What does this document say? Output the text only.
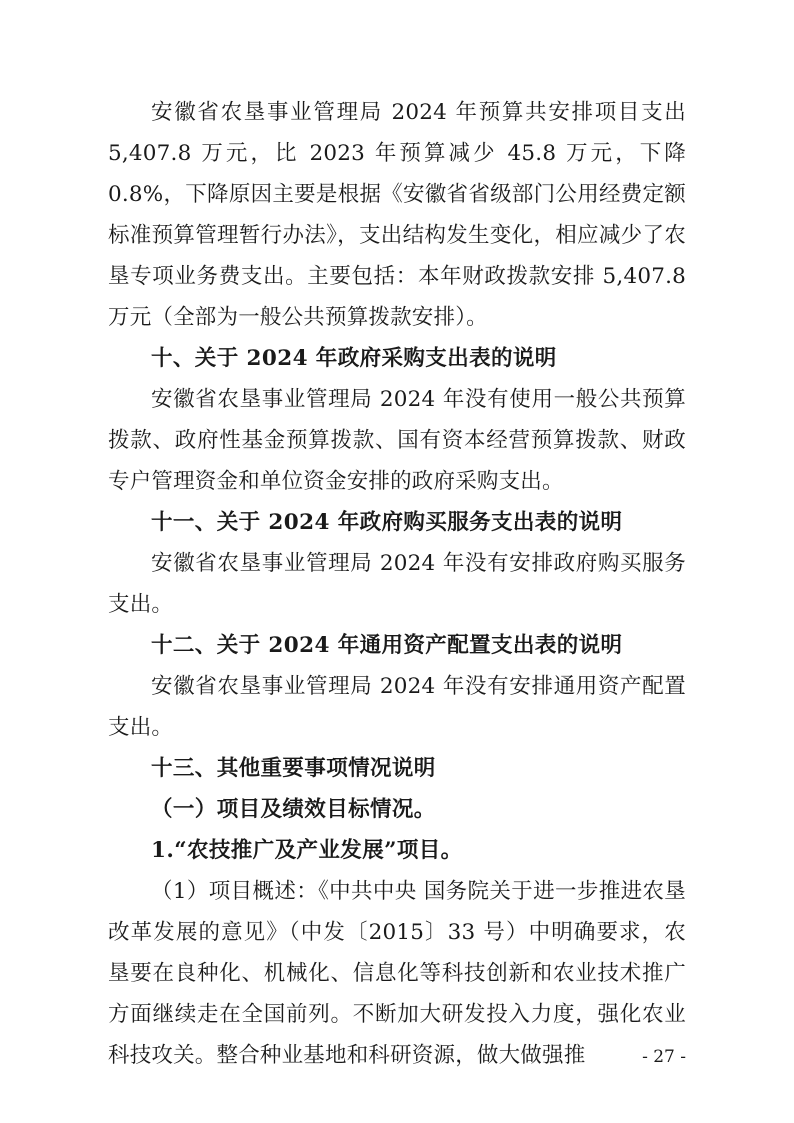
安徽省农垦事业管理局 2024 年预算共安排项目支出 5,407.8 万元，比 2023 年预算减少 45.8 万元，下降 0.8%，下降原因主要是根据《安徽省省级部门公用经费定额标准预算管理暂行办法》，支出结构发生变化，相应减少了农垦专项业务费支出。主要包括：本年财政拨款安排 5,407.8 万元（全部为一般公共预算拨款安排）。

十、关于 2024 年政府采购支出表的说明

安徽省农垦事业管理局 2024 年没有使用一般公共预算拨款、政府性基金预算拨款、国有资本经营预算拨款、财政专户管理资金和单位资金安排的政府采购支出。

十一、关于 2024 年政府购买服务支出表的说明

安徽省农垦事业管理局 2024 年没有安排政府购买服务支出。

十二、关于 2024 年通用资产配置支出表的说明

安徽省农垦事业管理局 2024 年没有安排通用资产配置支出。

十三、其他重要事项情况说明

（一）项目及绩效目标情况。

1.“农技推广及产业发展”项目。

（1）项目概述：《中共中央 国务院关于进一步推进农垦改革发展的意见》（中发〔2015〕33 号）中明确要求，农垦要在良种化、机械化、信息化等科技创新和农业技术推广方面继续走在全国前列。不断加大研发投入力度，强化农业科技攻关。整合种业基地和科研资源，做大做强推	- 27 -
